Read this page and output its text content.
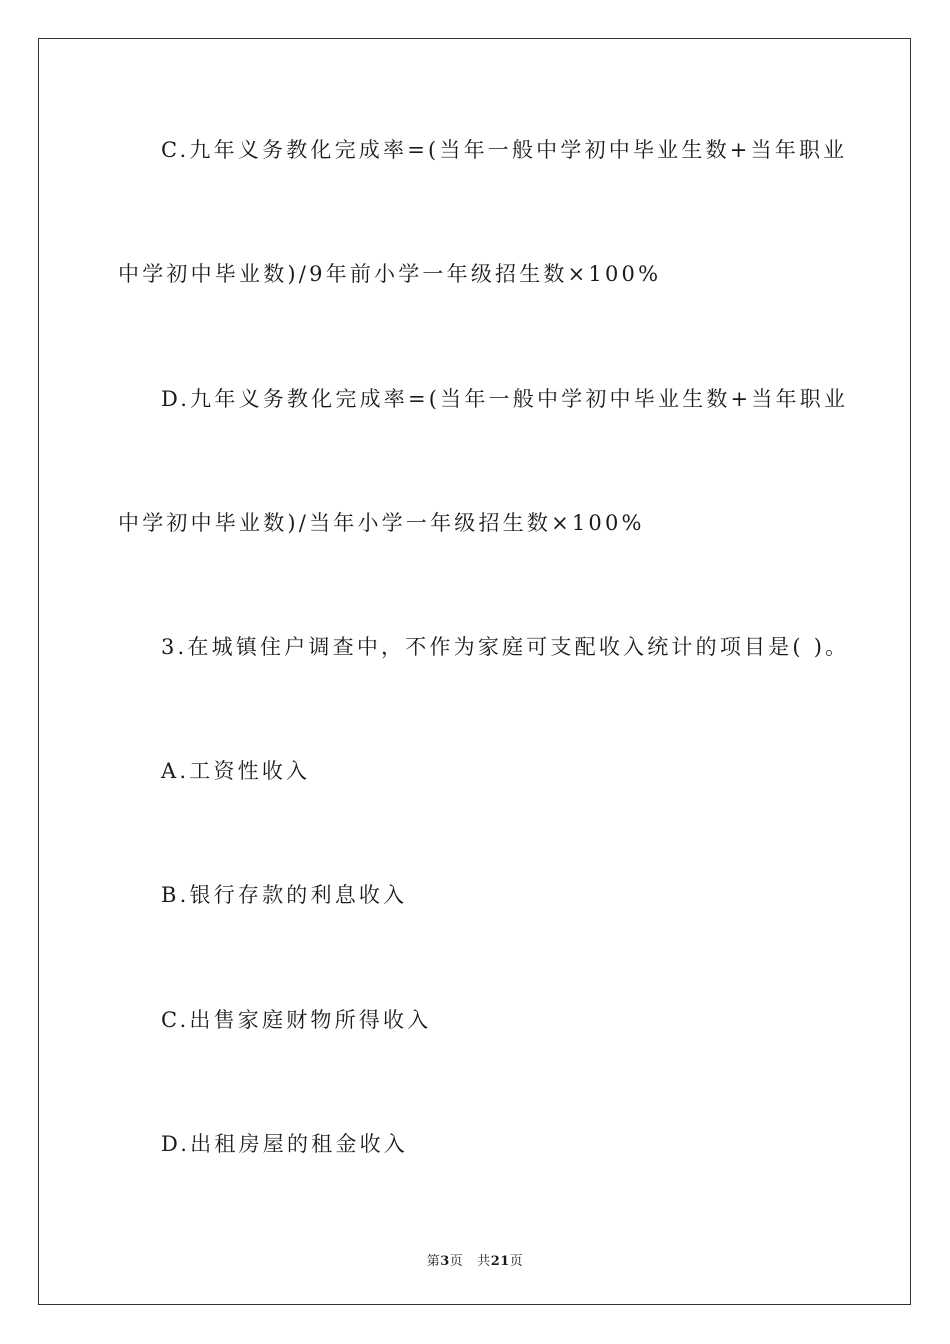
C.九年义务教化完成率=(当年一般中学初中毕业生数+当年职业
中学初中毕业数)/9年前小学一年级招生数×100%
D.九年义务教化完成率=(当年一般中学初中毕业生数+当年职业
中学初中毕业数)/当年小学一年级招生数×100%
3.在城镇住户调查中，不作为家庭可支配收入统计的项目是( )。
A.工资性收入
B.银行存款的利息收入
C.出售家庭财物所得收入
D.出租房屋的租金收入
第3页 共21页
